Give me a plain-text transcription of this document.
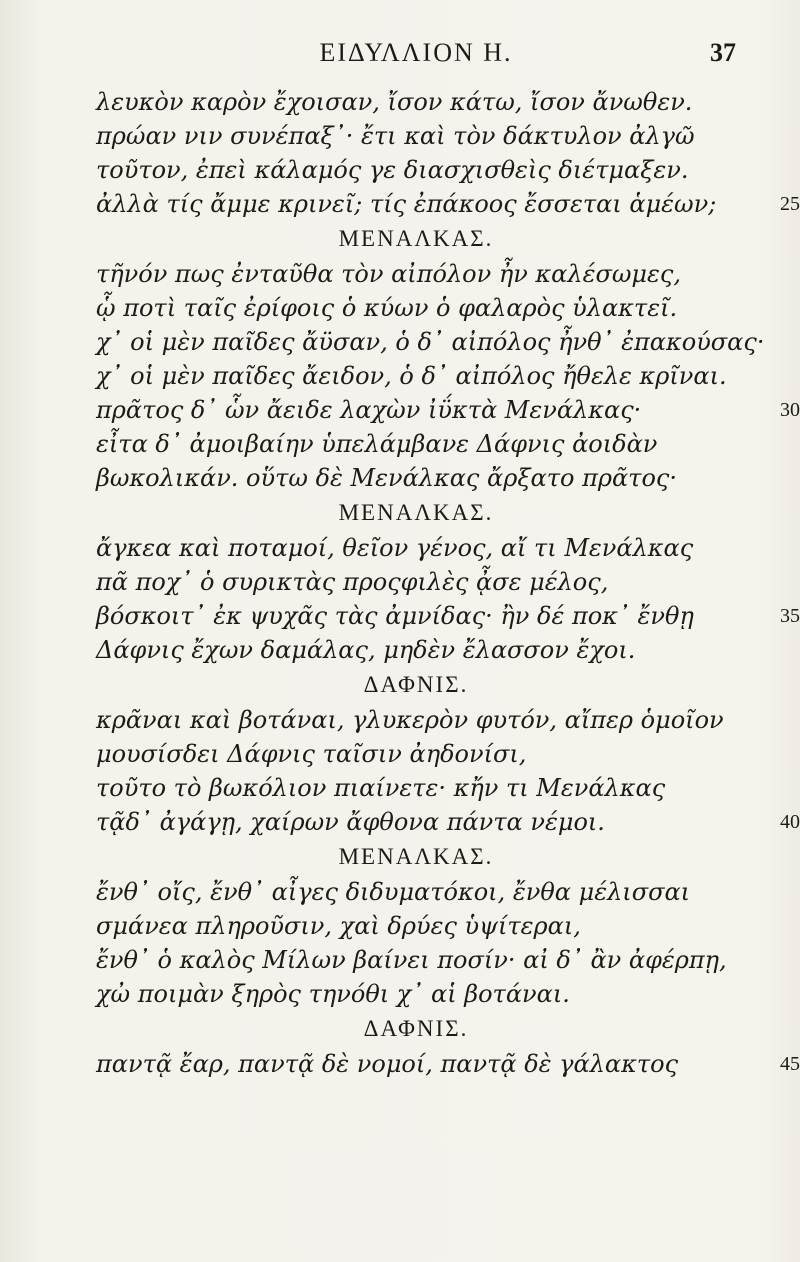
ΕΙΔΥΛΛΙΟΝ Η.	37
λευκὸν καρὸν ἔχοισαν, ἴσον κάτω, ἴσον ἄνωθεν.
πρώαν νιν συνέπαξ᾽· ἔτι καὶ τὸν δάκτυλον ἀλγῶ
τοῦτον, ἐπεὶ κάλαμός γε διασχισθεὶς διέτμαξεν.
ἀλλὰ τίς ἄμμε κρινεῖ; τίς ἐπάκοος ἔσσεται ἁμέων;	25
ΜΕΝΑΛΚΑΣ.
τῆνόν πως ἐνταῦθα τὸν αἰπόλον ἦν καλέσωμες,
ᾧ ποτὶ ταῖς ἐρίφοις ὁ κύων ὁ φαλαρὸς ὑλακτεῖ.
χ᾽ οἱ μὲν παῖδες ἄϋσαν, ὁ δ᾽ αἰπόλος ἦνθ᾽ ἐπακούσας·
χ᾽ οἱ μὲν παῖδες ἄειδον, ὁ δ᾽ αἰπόλος ἤθελε κρῖναι.
πρᾶτος δ᾽ ὧν ἄειδε λαχὼν ἰΰκτὰ Μενάλκας·	30
εἶτα δ᾽ ἀμοιβαίην ὑπελάμβανε Δάφνις ἀοιδὰν
βωκολικάν. οὕτω δὲ Μενάλκας ἄρξατο πρᾶτος·
ΜΕΝΑΛΚΑΣ.
ἄγκεα καὶ ποταμοί, θεῖον γένος, αἴ τι Μενάλκας
πᾶ ποχ᾽ ὁ συρικτὰς προςφιλὲς ᾆσε μέλος,
βόσκοιτ᾽ ἐκ ψυχᾶς τὰς ἀμνίδας· ἢν δέ ποκ᾽ ἔνθῃ	35
Δάφνις ἔχων δαμάλας, μηδὲν ἔλασσον ἔχοι.
ΔΑΦΝΙΣ.
κρᾶναι καὶ βοτάναι, γλυκερὸν φυτόν, αἴπερ ὁμοῖον
μουσίσδει Δάφνις ταῖσιν ἀηδονίσι,
τοῦτο τὸ βωκόλιον πιαίνετε· κἤν τι Μενάλκας
τᾷδ᾽ ἀγάγῃ, χαίρων ἄφθονα πάντα νέμοι.	40
ΜΕΝΑΛΚΑΣ.
ἔνθ᾽ οἴς, ἔνθ᾽ αἶγες διδυματόκοι, ἔνθα μέλισσαι
σμάνεα πληροῦσιν, χαὶ δρύες ὑψίτεραι,
ἔνθ᾽ ὁ καλὸς Μίλων βαίνει ποσίν· αἰ δ᾽ ἂν ἀφέρπῃ,
χὠ ποιμὰν ξηρὸς τηνόθι χ᾽ αἱ βοτάναι.
ΔΑΦΝΙΣ.
παντᾷ ἔαρ, παντᾷ δὲ νομοί, παντᾷ δὲ γάλακτος	45
